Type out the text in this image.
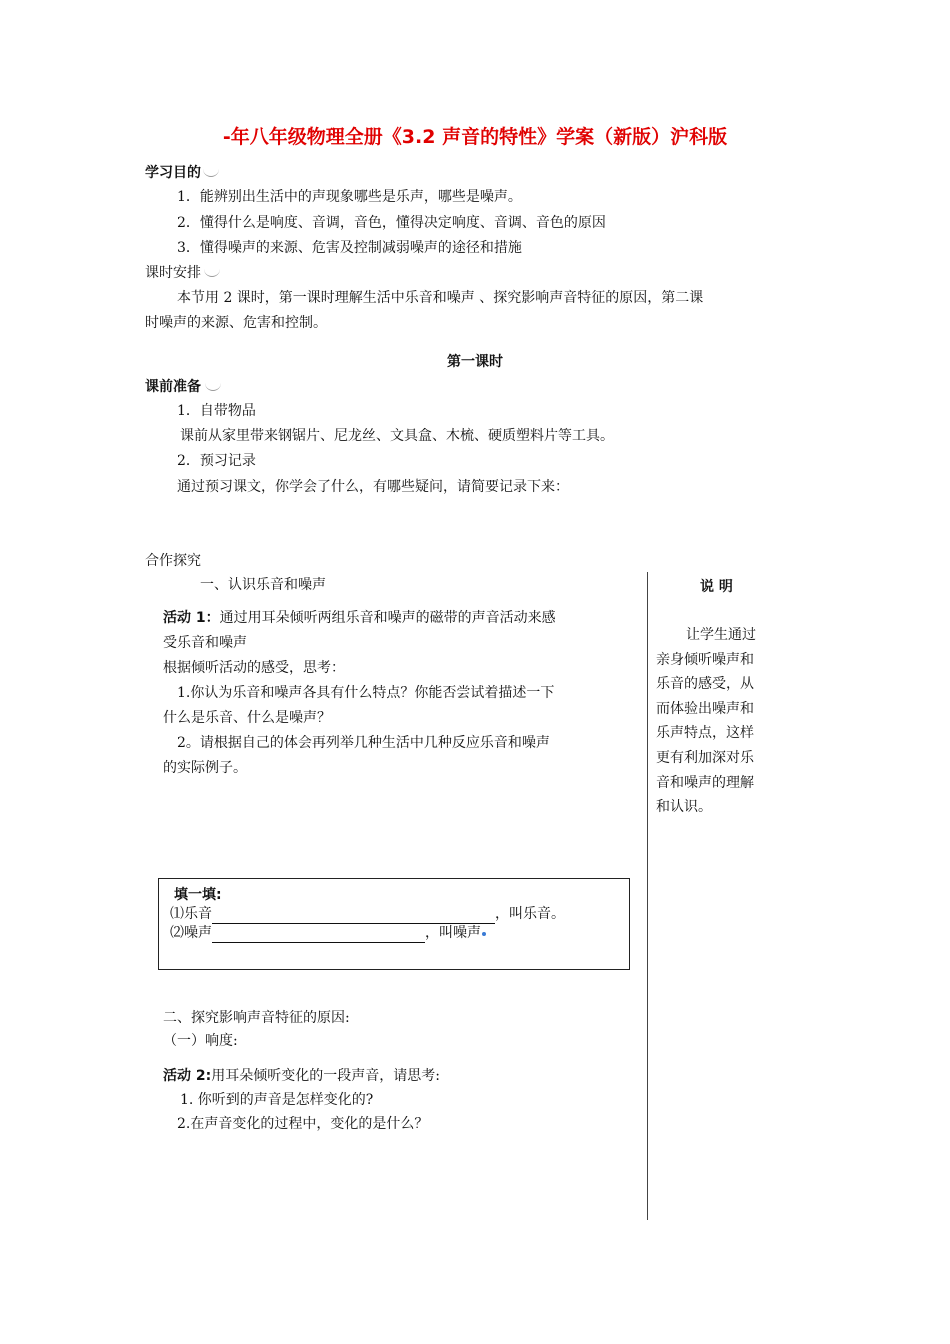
-年八年级物理全册《3.2 声音的特性》学案（新版）沪科版
学习目的
1．能辨别出生活中的声现象哪些是乐声，哪些是噪声。
2．懂得什么是响度、音调，音色，懂得决定响度、音调、音色的原因
3．懂得噪声的来源、危害及控制减弱噪声的途径和措施
课时安排
本节用 2 课时，第一课时理解生活中乐音和噪声 、探究影响声音特征的原因，第二课
时噪声的来源、危害和控制。
第一课时
课前准备
1．自带物品
课前从家里带来钢锯片、尼龙丝、文具盒、木梳、硬质塑料片等工具。
2．预习记录
通过预习课文，你学会了什么，有哪些疑问，请简要记录下来：
合作探究
一、认识乐音和噪声
活动 1：通过用耳朵倾听两组乐音和噪声的磁带的声音活动来感
受乐音和噪声
根据倾听活动的感受，思考：
1.你认为乐音和噪声各具有什么特点？你能否尝试着描述一下
什么是乐音、什么是噪声？
2。请根据自己的体会再列举几种生活中几种反应乐音和噪声
的实际例子。
说 明
让学生通过
亲身倾听噪声和
乐音的感受，从
而体验出噪声和
乐声特点，这样
更有利加深对乐
音和噪声的理解
和认识。
填一填:
⑴乐音	，叫乐音。
⑵噪声	，叫噪声
二、探究影响声音特征的原因:
（一）响度:
活动 2:用耳朵倾听变化的一段声音，请思考:
1. 你听到的声音是怎样变化的?
2.在声音变化的过程中，变化的是什么？
